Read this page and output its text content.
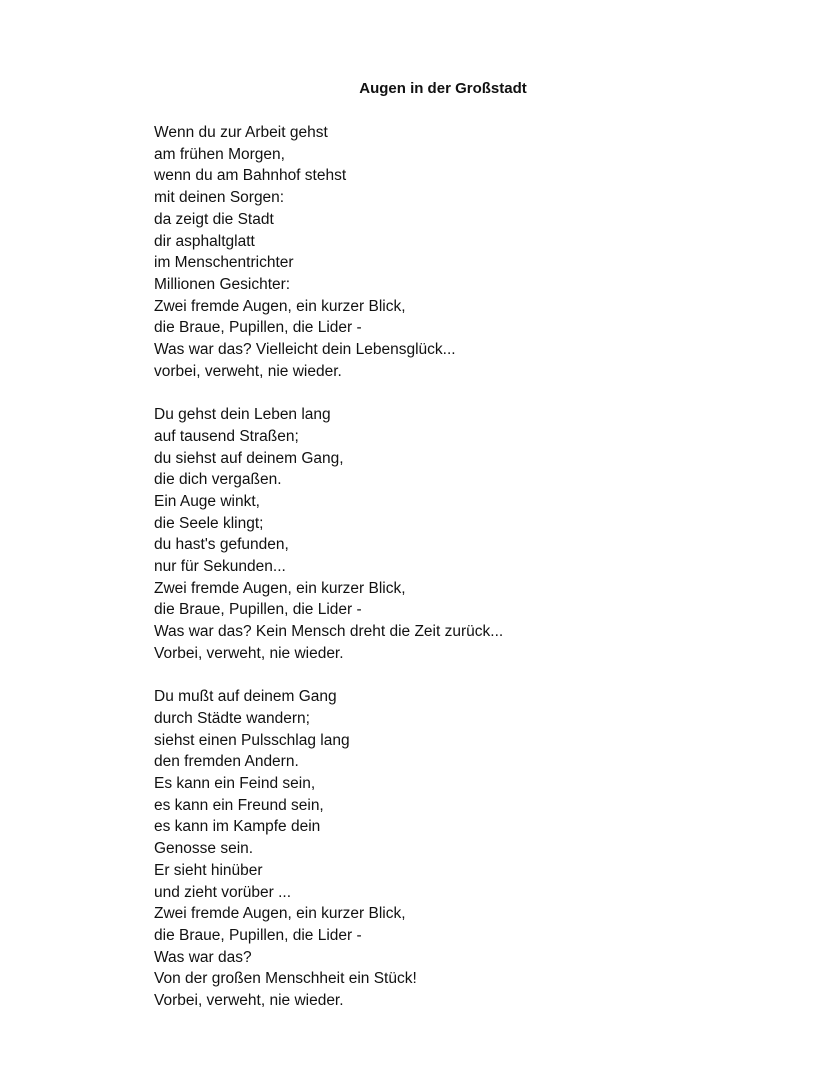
Augen in der Großstadt
Wenn du zur Arbeit gehst
am frühen Morgen,
wenn du am Bahnhof stehst
mit deinen Sorgen:
da zeigt die Stadt
dir asphaltglatt
im Menschentrichter
Millionen Gesichter:
Zwei fremde Augen, ein kurzer Blick,
die Braue, Pupillen, die Lider -
Was war das? Vielleicht dein Lebensglück...
vorbei, verweht, nie wieder.
Du gehst dein Leben lang
auf tausend Straßen;
du siehst auf deinem Gang,
die dich vergaßen.
Ein Auge winkt,
die Seele klingt;
du hast's gefunden,
nur für Sekunden...
Zwei fremde Augen, ein kurzer Blick,
die Braue, Pupillen, die Lider -
Was war das? Kein Mensch dreht die Zeit zurück...
Vorbei, verweht, nie wieder.
Du mußt auf deinem Gang
durch Städte wandern;
siehst einen Pulsschlag lang
den fremden Andern.
Es kann ein Feind sein,
es kann ein Freund sein,
es kann im Kampfe dein
Genosse sein.
Er sieht hinüber
und zieht vorüber ...
Zwei fremde Augen, ein kurzer Blick,
die Braue, Pupillen, die Lider -
Was war das?
Von der großen Menschheit ein Stück!
Vorbei, verweht, nie wieder.
